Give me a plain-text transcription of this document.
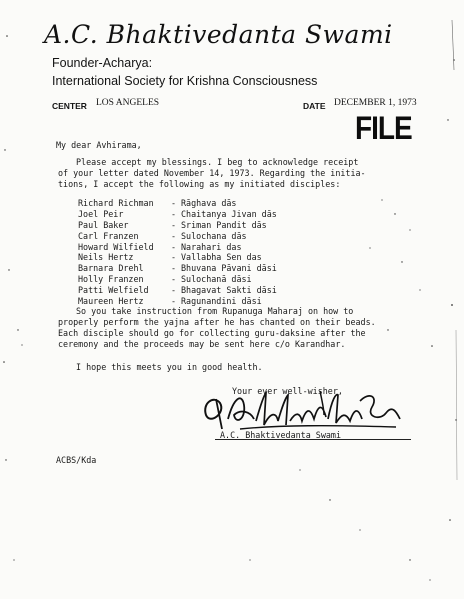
A.C. Bhaktivedanta Swami
Founder-Acharya:
International Society for Krishna Consciousness
CENTER LOS ANGELES	DATE DECEMBER 1, 1973
FILE
My dear Avhirama,
Please accept my blessings. I beg to acknowledge receipt
of your letter dated November 14, 1973. Regarding the initia-
tions, I accept the following as my initiated disciples:
Richard Richman - Rāghava dās
Joel Peir	- Chaitanya Jivan dās
Paul Baker	- Sriman Pandit dās
Carl Franzen	- Sulochana dās
Howard Wilfield - Narahari das
Neils Hertz	- Vallabha Sen das
Barnara Drehl	- Bhuvana Pāvani dāsi
Holly Franzen	- Sulochanā dāsi
Patti Welfield	- Bhagavat Sakti dāsi
Maureen Hertz	- Ragunandini dāsi
So you take instruction from Rupanuga Maharaj on how to
properly perform the yajna after he has chanted on their beads.
Each disciple should go for collecting guru-daksine after the
ceremony and the proceeds may be sent here c/o Karandhar.
I hope this meets you in good health.
Your ever well-wisher,
A.C. Bhaktivedanta Swami
ACBS/Kda
